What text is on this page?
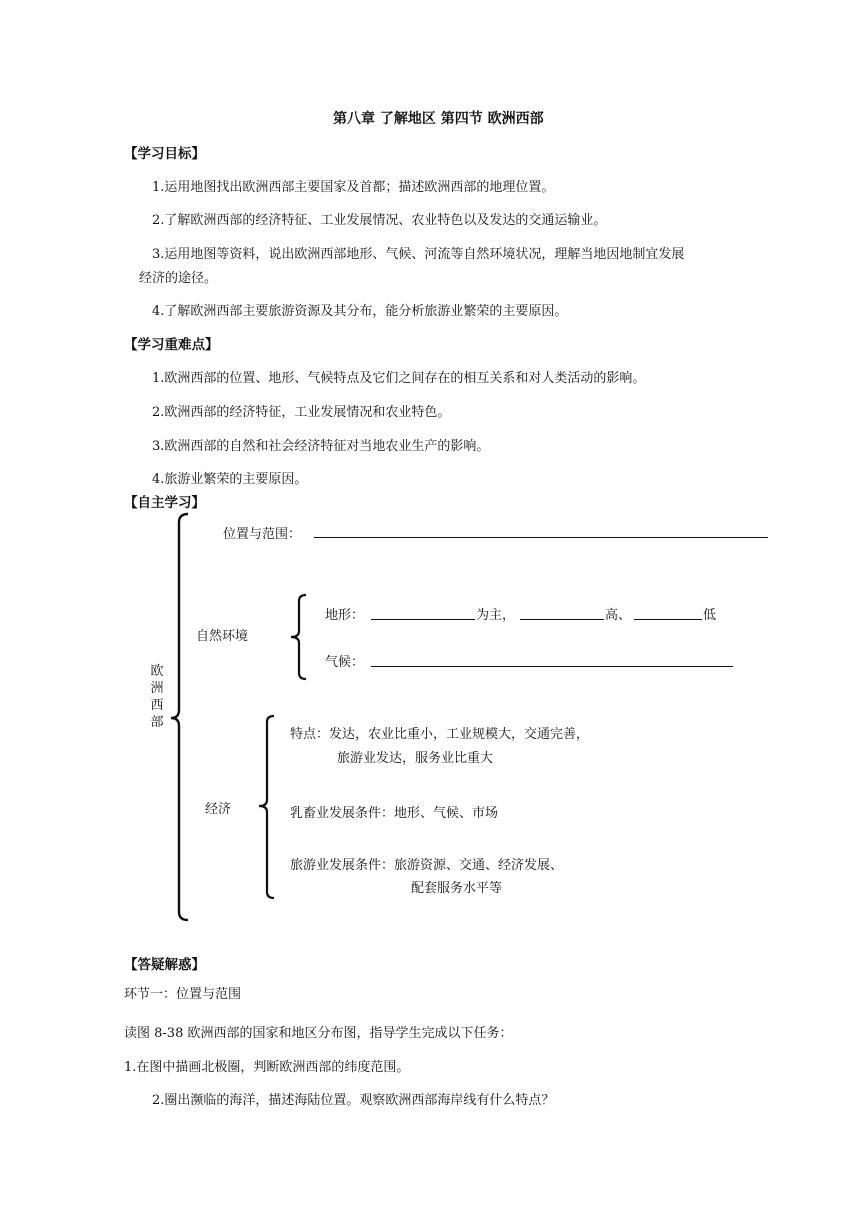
第八章 了解地区 第四节 欧洲西部
【学习目标】
1.运用地图找出欧洲西部主要国家及首都；描述欧洲西部的地理位置。
2.了解欧洲西部的经济特征、工业发展情况、农业特色以及发达的交通运输业。
3.运用地图等资料，说出欧洲西部地形、气候、河流等自然环境状况，理解当地因地制宜发展
经济的途径。
4.了解欧洲西部主要旅游资源及其分布，能分析旅游业繁荣的主要原因。
【学习重难点】
1.欧洲西部的位置、地形、气候特点及它们之间存在的相互关系和对人类活动的影响。
2.欧洲西部的经济特征，工业发展情况和农业特色。
3.欧洲西部的自然和社会经济特征对当地农业生产的影响。
4.旅游业繁荣的主要原因。
【自主学习】
欧洲西部
位置与范围：
自然环境
地形：	为主，	高、	低
气候：
经济
特点：发达，农业比重小，工业规模大，交通完善，
旅游业发达，服务业比重大
乳畜业发展条件：地形、气候、市场
旅游业发展条件：旅游资源、交通、经济发展、
配套服务水平等
【答疑解惑】
环节一：位置与范围
读图 8-38 欧洲西部的国家和地区分布图，指导学生完成以下任务：
1.在图中描画北极圈，判断欧洲西部的纬度范围。
2.圈出濒临的海洋，描述海陆位置。观察欧洲西部海岸线有什么特点？
